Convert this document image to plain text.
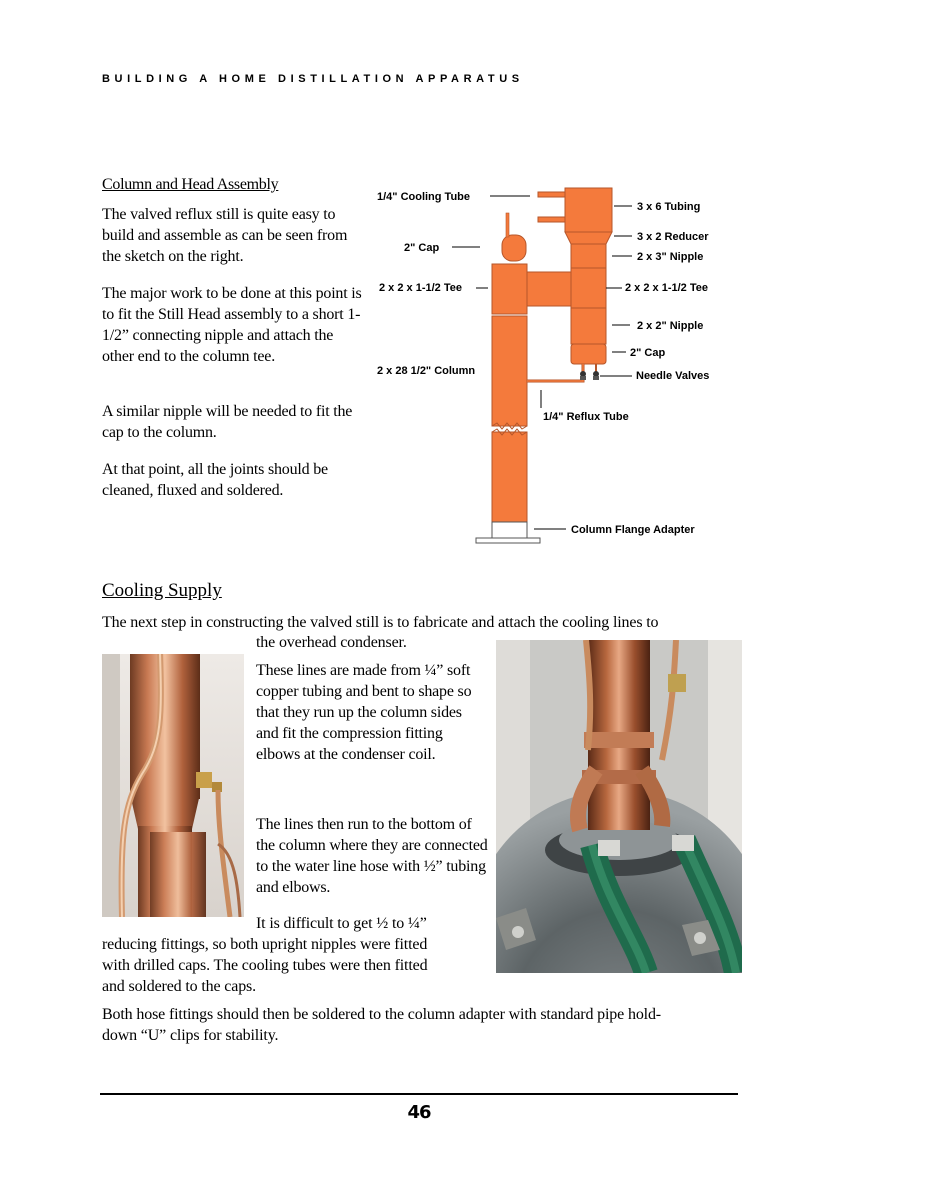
BUILDING A HOME DISTILLATION APPARATUS
Column and Head Assembly

The valved reflux still is quite easy to build and assemble as can be seen from the sketch on the right.

The major work to be done at this point is to fit the Still Head assembly to a short 1-1/2” connecting nipple and attach the other end to the column tee.

A similar nipple will be needed to fit the cap to the column.

At that point, all the joints should be cleaned, fluxed and soldered.

1/4" Cooling Tube
3 x 6 Tubing
3 x 2 Reducer
2" Cap
2 x 3" Nipple
2 x 2 x 1-1/2 Tee	2 x 2 x 1-1/2 Tee
2 x 2" Nipple
2" Cap
2 x 28 1/2" Column	Needle Valves
1/4" Reflux Tube
Column Flange Adapter
Cooling Supply
The next step in constructing the valved still is to fabricate and attach the cooling lines to
the overhead condenser.

These lines are made from ¼” soft copper tubing and bent to shape so that they run up the column sides and fit the compression fitting elbows at the condenser coil.

The lines then run to the bottom of the column where they are connected to the water line hose with ½” tubing and elbows.

It is difficult to get ½ to ¼”
reducing fittings, so both upright nipples were fitted
with drilled caps. The cooling tubes were then fitted
and soldered to the caps.
Both hose fittings should then be soldered to the column adapter with standard pipe hold-
down “U” clips for stability.
46
